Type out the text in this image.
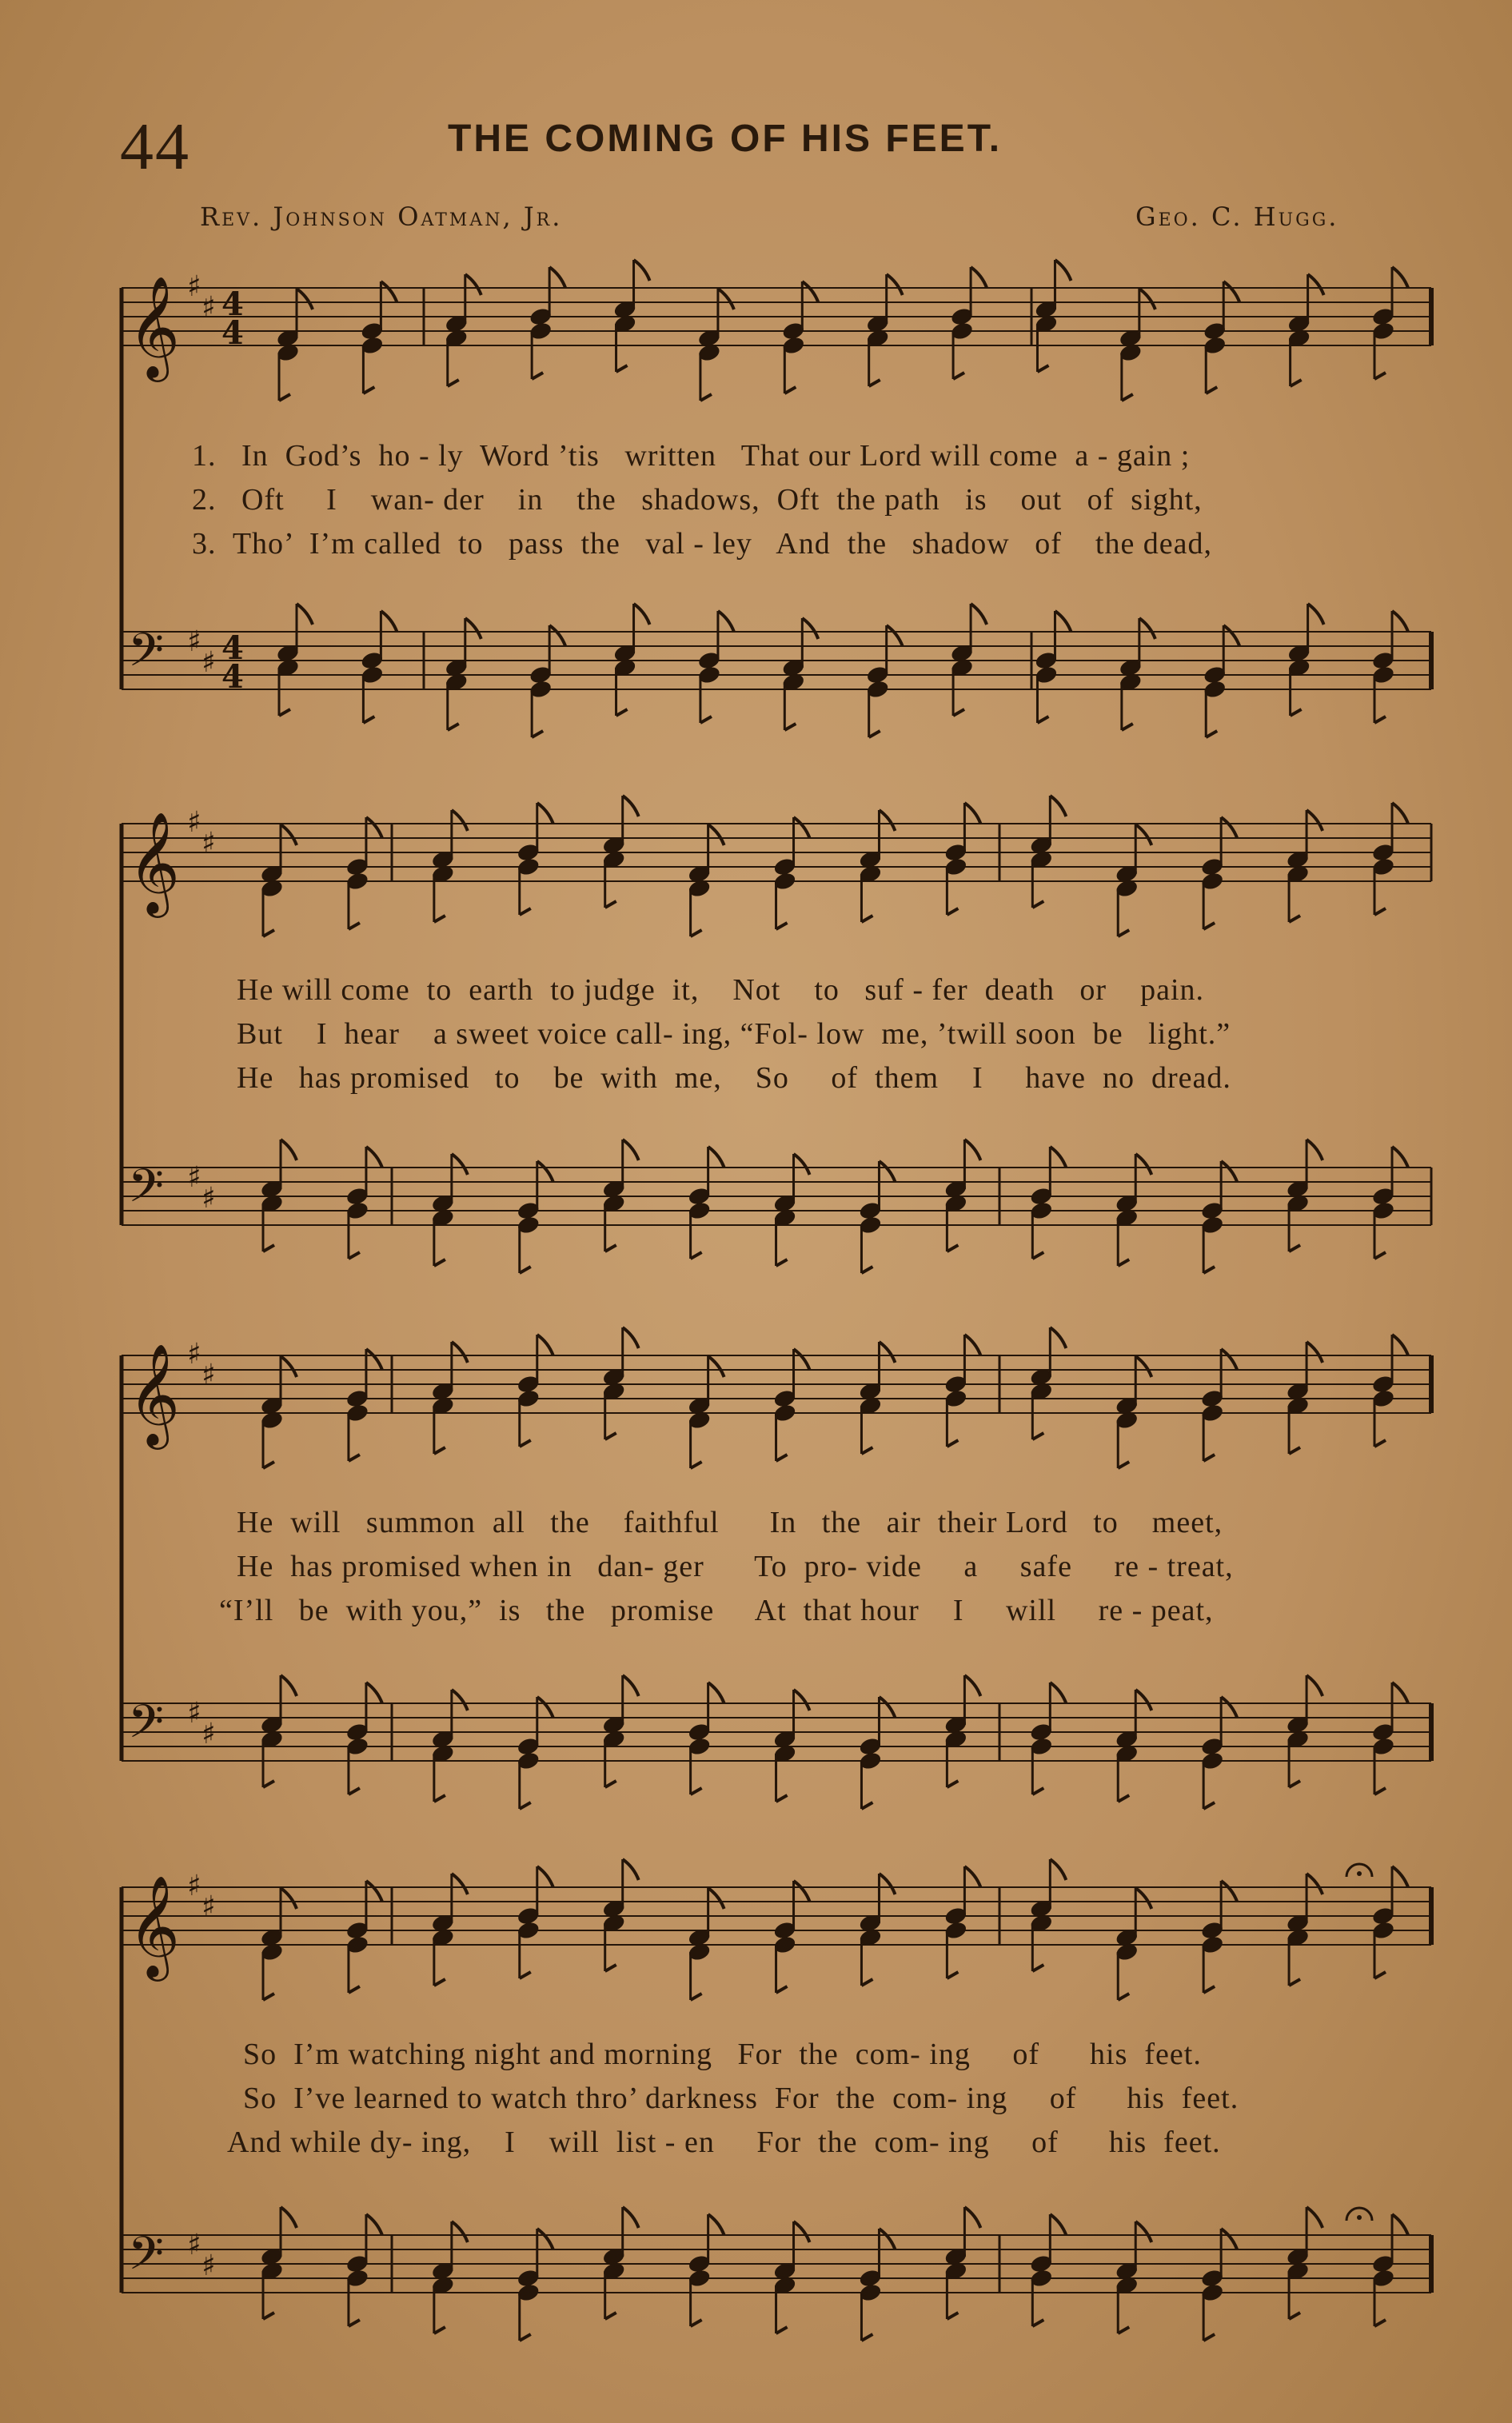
44	THE COMING OF HIS FEET.
Rev. Johnson Oatman, Jr.	Geo. C. Hugg.
𝄞 ♯
♯ 4
4
𝄢 ♯
♯ 4
4
𝄞 ♯
♯
𝄢 ♯
♯
𝄞 ♯
♯
𝄢 ♯
♯
𝄞 ♯
♯
𝄢 ♯
♯
1.   In  God’s  ho - ly  Word ’tis   written   That our Lord will come  a - gain ;
2.   Oft     I    wan- der    in    the   shadows,  Oft  the path   is    out   of  sight,
3.  Tho’  I’m called  to   pass  the   val - ley   And  the   shadow   of    the dead,
He will come  to  earth  to judge  it,    Not    to   suf - fer  death   or    pain.
But    I  hear    a sweet voice call- ing, “Fol- low  me, ’twill soon  be   light.”
He   has promised   to    be  with  me,    So     of  them    I     have  no  dread.
He  will   summon  all   the    faithful      In   the   air  their Lord   to    meet,
He  has promised when in   dan- ger      To  pro- vide     a     safe     re - treat,
“I’ll   be  with you,”  is   the   promise     At  that hour    I     will     re - peat,
So  I’m watching night and morning   For  the  com- ing     of      his  feet.
So  I’ve learned to watch thro’ darkness  For  the  com- ing     of      his  feet.
And while dy- ing,    I    will  list - en     For  the  com- ing     of      his  feet.
